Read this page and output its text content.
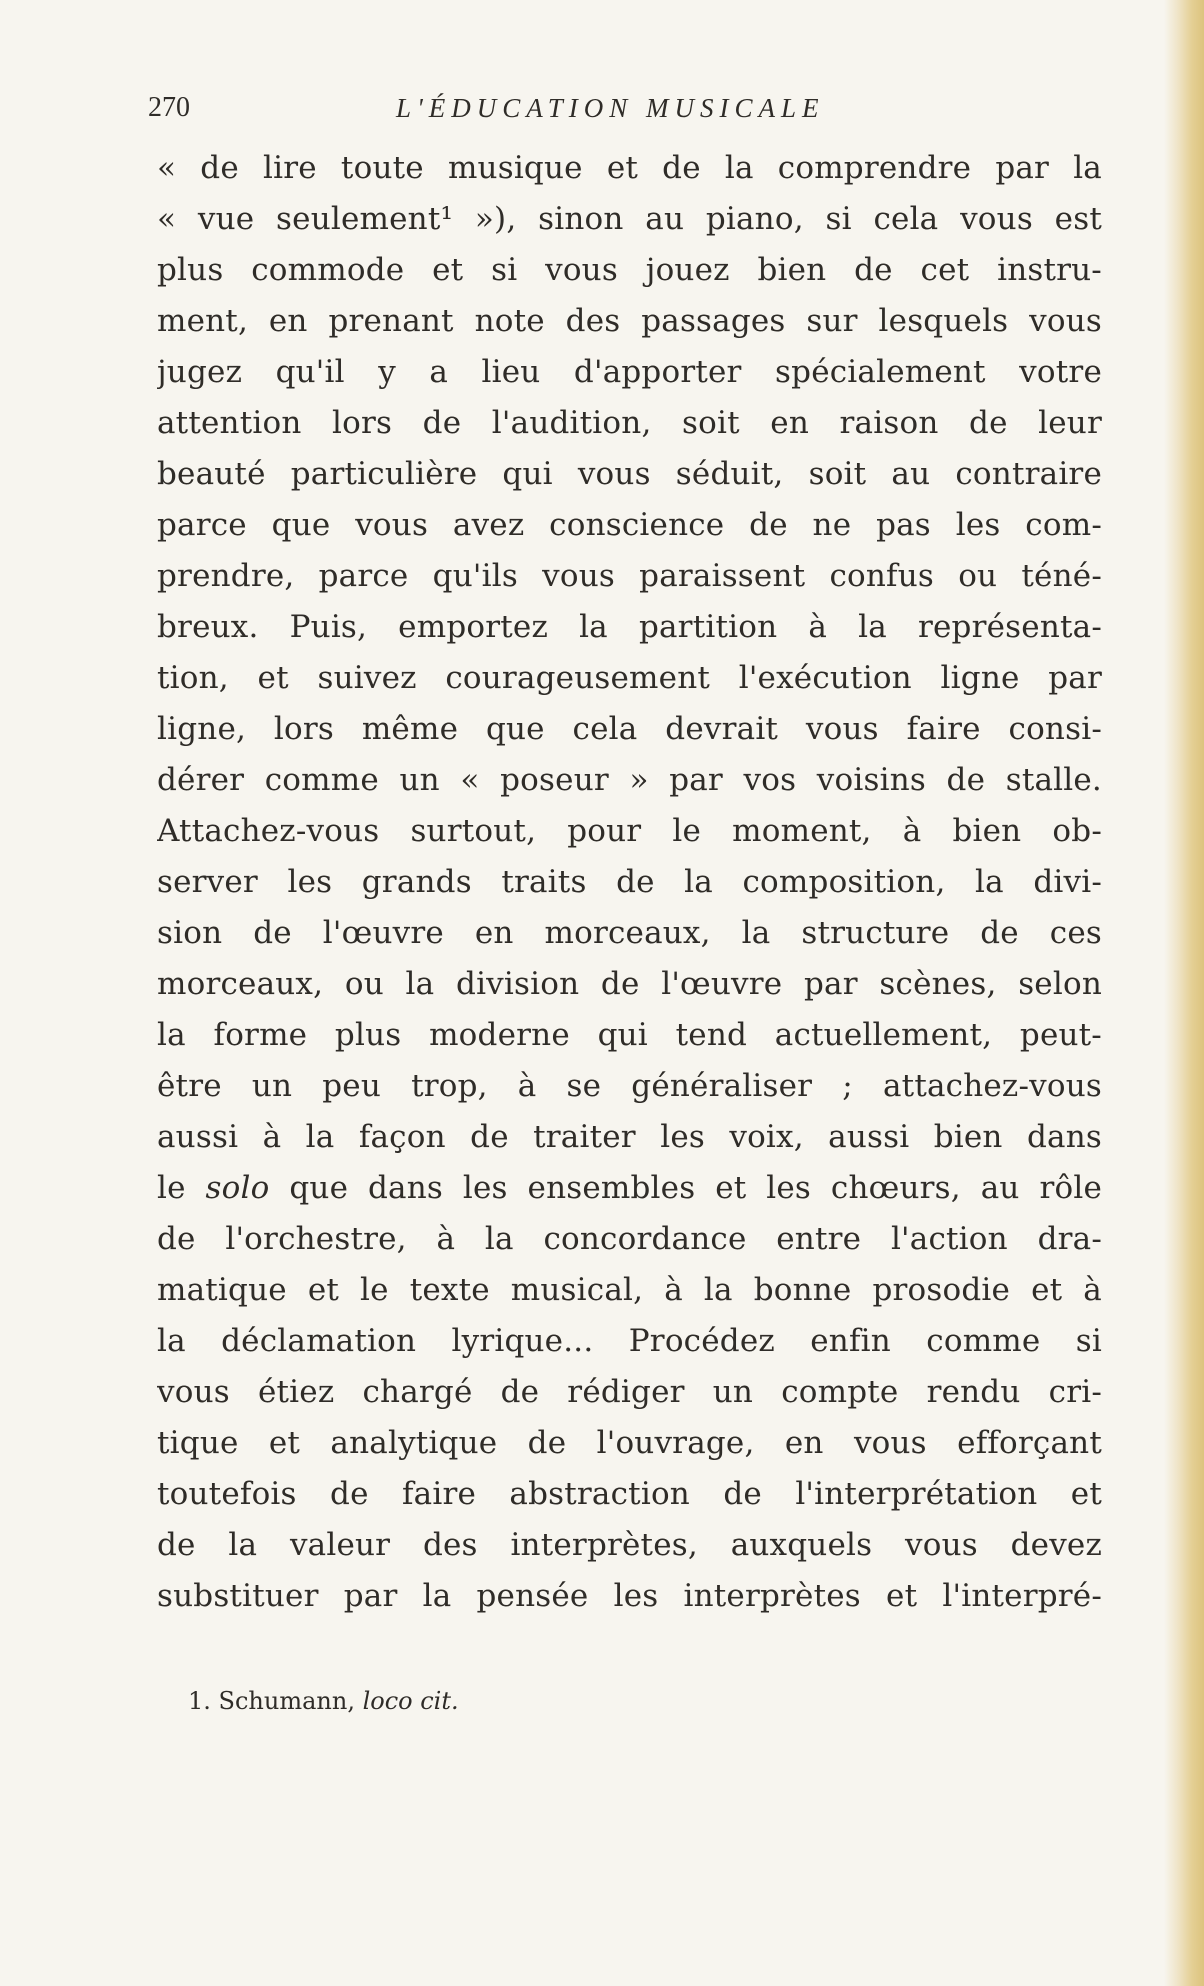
270	L'ÉDUCATION MUSICALE
« de lire toute musique et de la comprendre par la
« vue seulement¹ »), sinon au piano, si cela vous est
plus commode et si vous jouez bien de cet instru-
ment, en prenant note des passages sur lesquels vous
jugez qu'il y a lieu d'apporter spécialement votre
attention lors de l'audition, soit en raison de leur
beauté particulière qui vous séduit, soit au contraire
parce que vous avez conscience de ne pas les com-
prendre, parce qu'ils vous paraissent confus ou téné-
breux. Puis, emportez la partition à la représenta-
tion, et suivez courageusement l'exécution ligne par
ligne, lors même que cela devrait vous faire consi-
dérer comme un « poseur » par vos voisins de stalle.
Attachez-vous surtout, pour le moment, à bien ob-
server les grands traits de la composition, la divi-
sion de l'œuvre en morceaux, la structure de ces
morceaux, ou la division de l'œuvre par scènes, selon
la forme plus moderne qui tend actuellement, peut-
être un peu trop, à se généraliser ; attachez-vous
aussi à la façon de traiter les voix, aussi bien dans
le solo que dans les ensembles et les chœurs, au rôle
de l'orchestre, à la concordance entre l'action dra-
matique et le texte musical, à la bonne prosodie et à
la déclamation lyrique... Procédez enfin comme si
vous étiez chargé de rédiger un compte rendu cri-
tique et analytique de l'ouvrage, en vous efforçant
toutefois de faire abstraction de l'interprétation et
de la valeur des interprètes, auxquels vous devez
substituer par la pensée les interprètes et l'interpré-
1. Schumann, loco cit.
